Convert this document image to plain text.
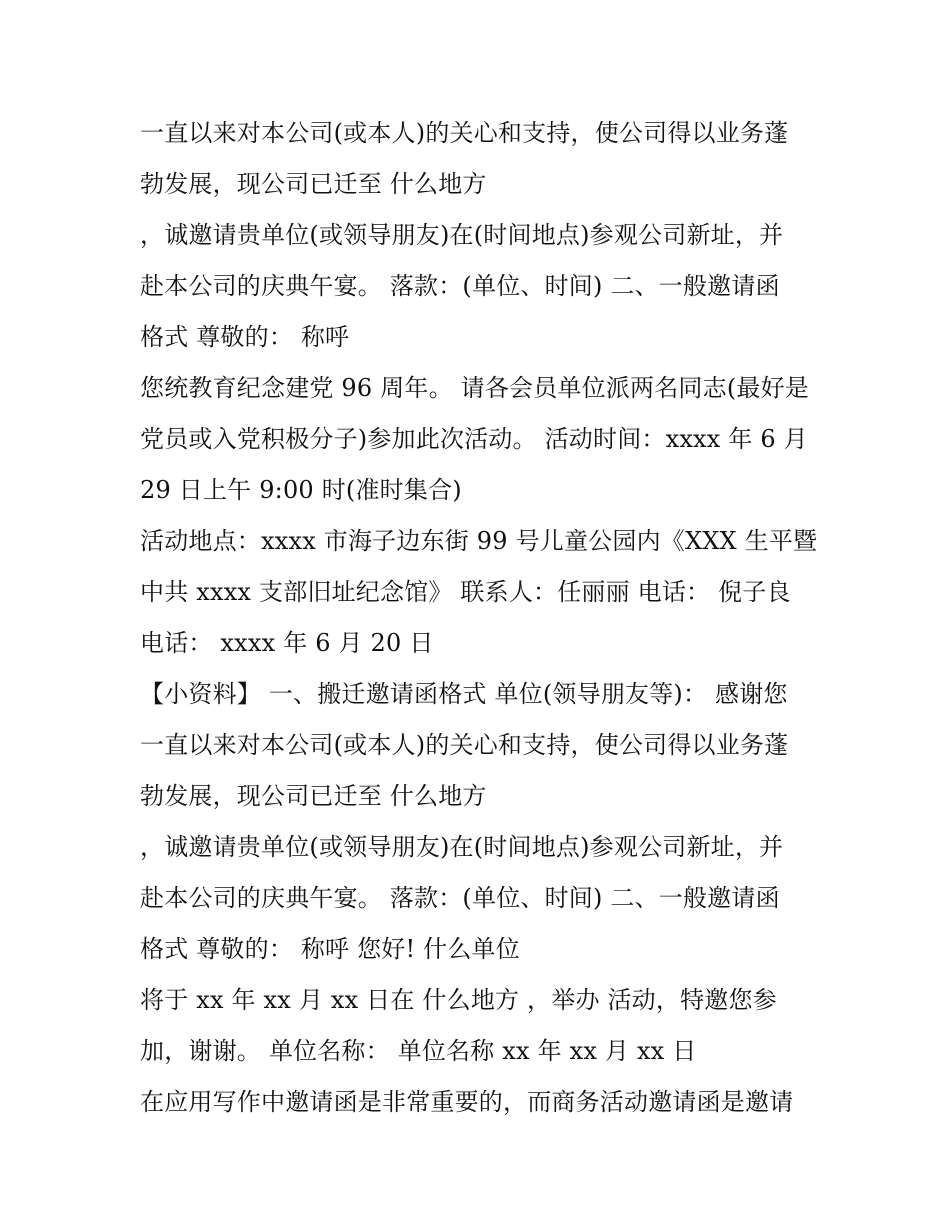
一直以来对本公司(或本人)的关心和支持，使公司得以业务蓬
勃发展，现公司已迁至 什么地方
，诚邀请贵单位(或领导朋友)在(时间地点)参观公司新址，并
赴本公司的庆典午宴。 落款：(单位、时间) 二、一般邀请函
格式 尊敬的： 称呼
您统教育纪念建党 96 周年。 请各会员单位派两名同志(最好是
党员或入党积极分子)参加此次活动。 活动时间：xxxx 年 6 月
29 日上午 9:00 时(准时集合)
活动地点：xxxx 市海子边东街 99 号儿童公园内《XXX 生平暨
中共 xxxx 支部旧址纪念馆》 联系人：任丽丽 电话： 倪子良
电话： xxxx 年 6 月 20 日
【小资料】 一、搬迁邀请函格式 单位(领导朋友等)： 感谢您
一直以来对本公司(或本人)的关心和支持，使公司得以业务蓬
勃发展，现公司已迁至 什么地方
，诚邀请贵单位(或领导朋友)在(时间地点)参观公司新址，并
赴本公司的庆典午宴。 落款：(单位、时间) 二、一般邀请函
格式 尊敬的： 称呼 您好! 什么单位
将于 xx 年 xx 月 xx 日在 什么地方 ，举办 活动，特邀您参
加，谢谢。 单位名称： 单位名称 xx 年 xx 月 xx 日
在应用写作中邀请函是非常重要的，而商务活动邀请函是邀请
